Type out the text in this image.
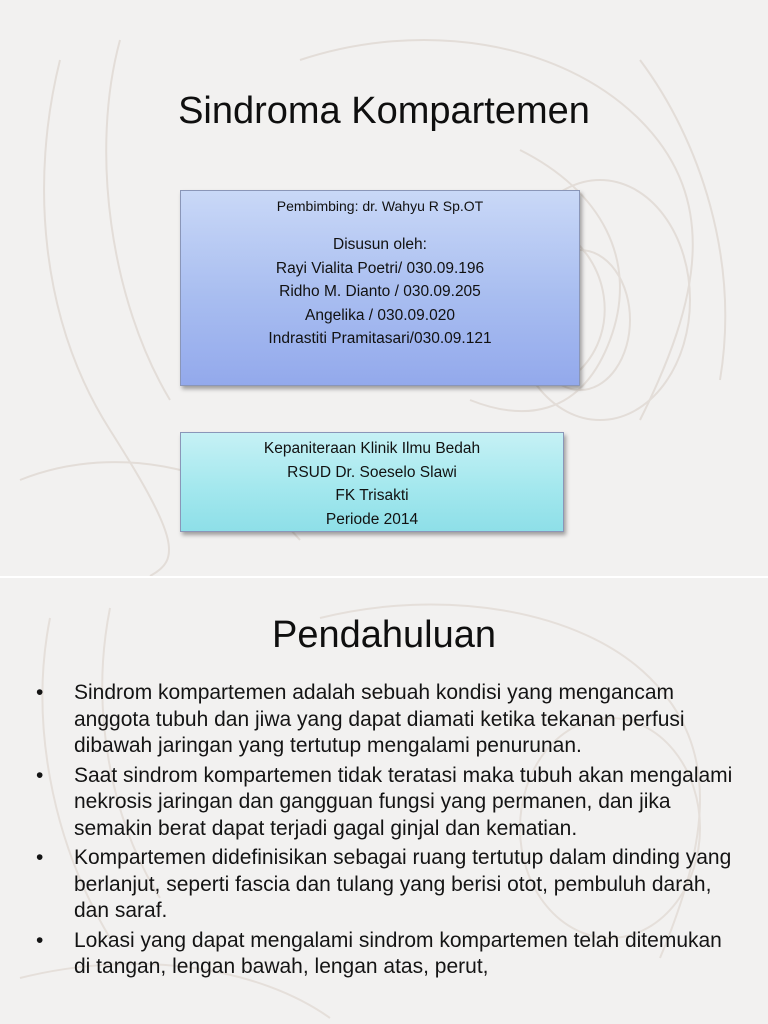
Sindroma Kompartemen
Pembimbing: dr. Wahyu R Sp.OT
Disusun oleh:
Rayi Vialita Poetri/ 030.09.196
Ridho M. Dianto / 030.09.205
Angelika / 030.09.020
Indrastiti Pramitasari/030.09.121
Kepaniteraan Klinik Ilmu Bedah
RSUD Dr. Soeselo Slawi
FK Trisakti
Periode 2014
Pendahuluan
• Sindrom kompartemen adalah sebuah kondisi yang mengancam anggota tubuh dan jiwa yang dapat diamati ketika tekanan perfusi dibawah jaringan yang tertutup mengalami penurunan.
• Saat sindrom kompartemen tidak teratasi maka tubuh akan mengalami nekrosis jaringan dan gangguan fungsi yang permanen, dan jika semakin berat dapat terjadi gagal ginjal dan kematian.
• Kompartemen didefinisikan sebagai ruang tertutup dalam dinding yang berlanjut, seperti fascia dan tulang yang berisi otot, pembuluh darah, dan saraf.
• Lokasi yang dapat mengalami sindrom kompartemen telah ditemukan di tangan, lengan bawah, lengan atas, perut,
